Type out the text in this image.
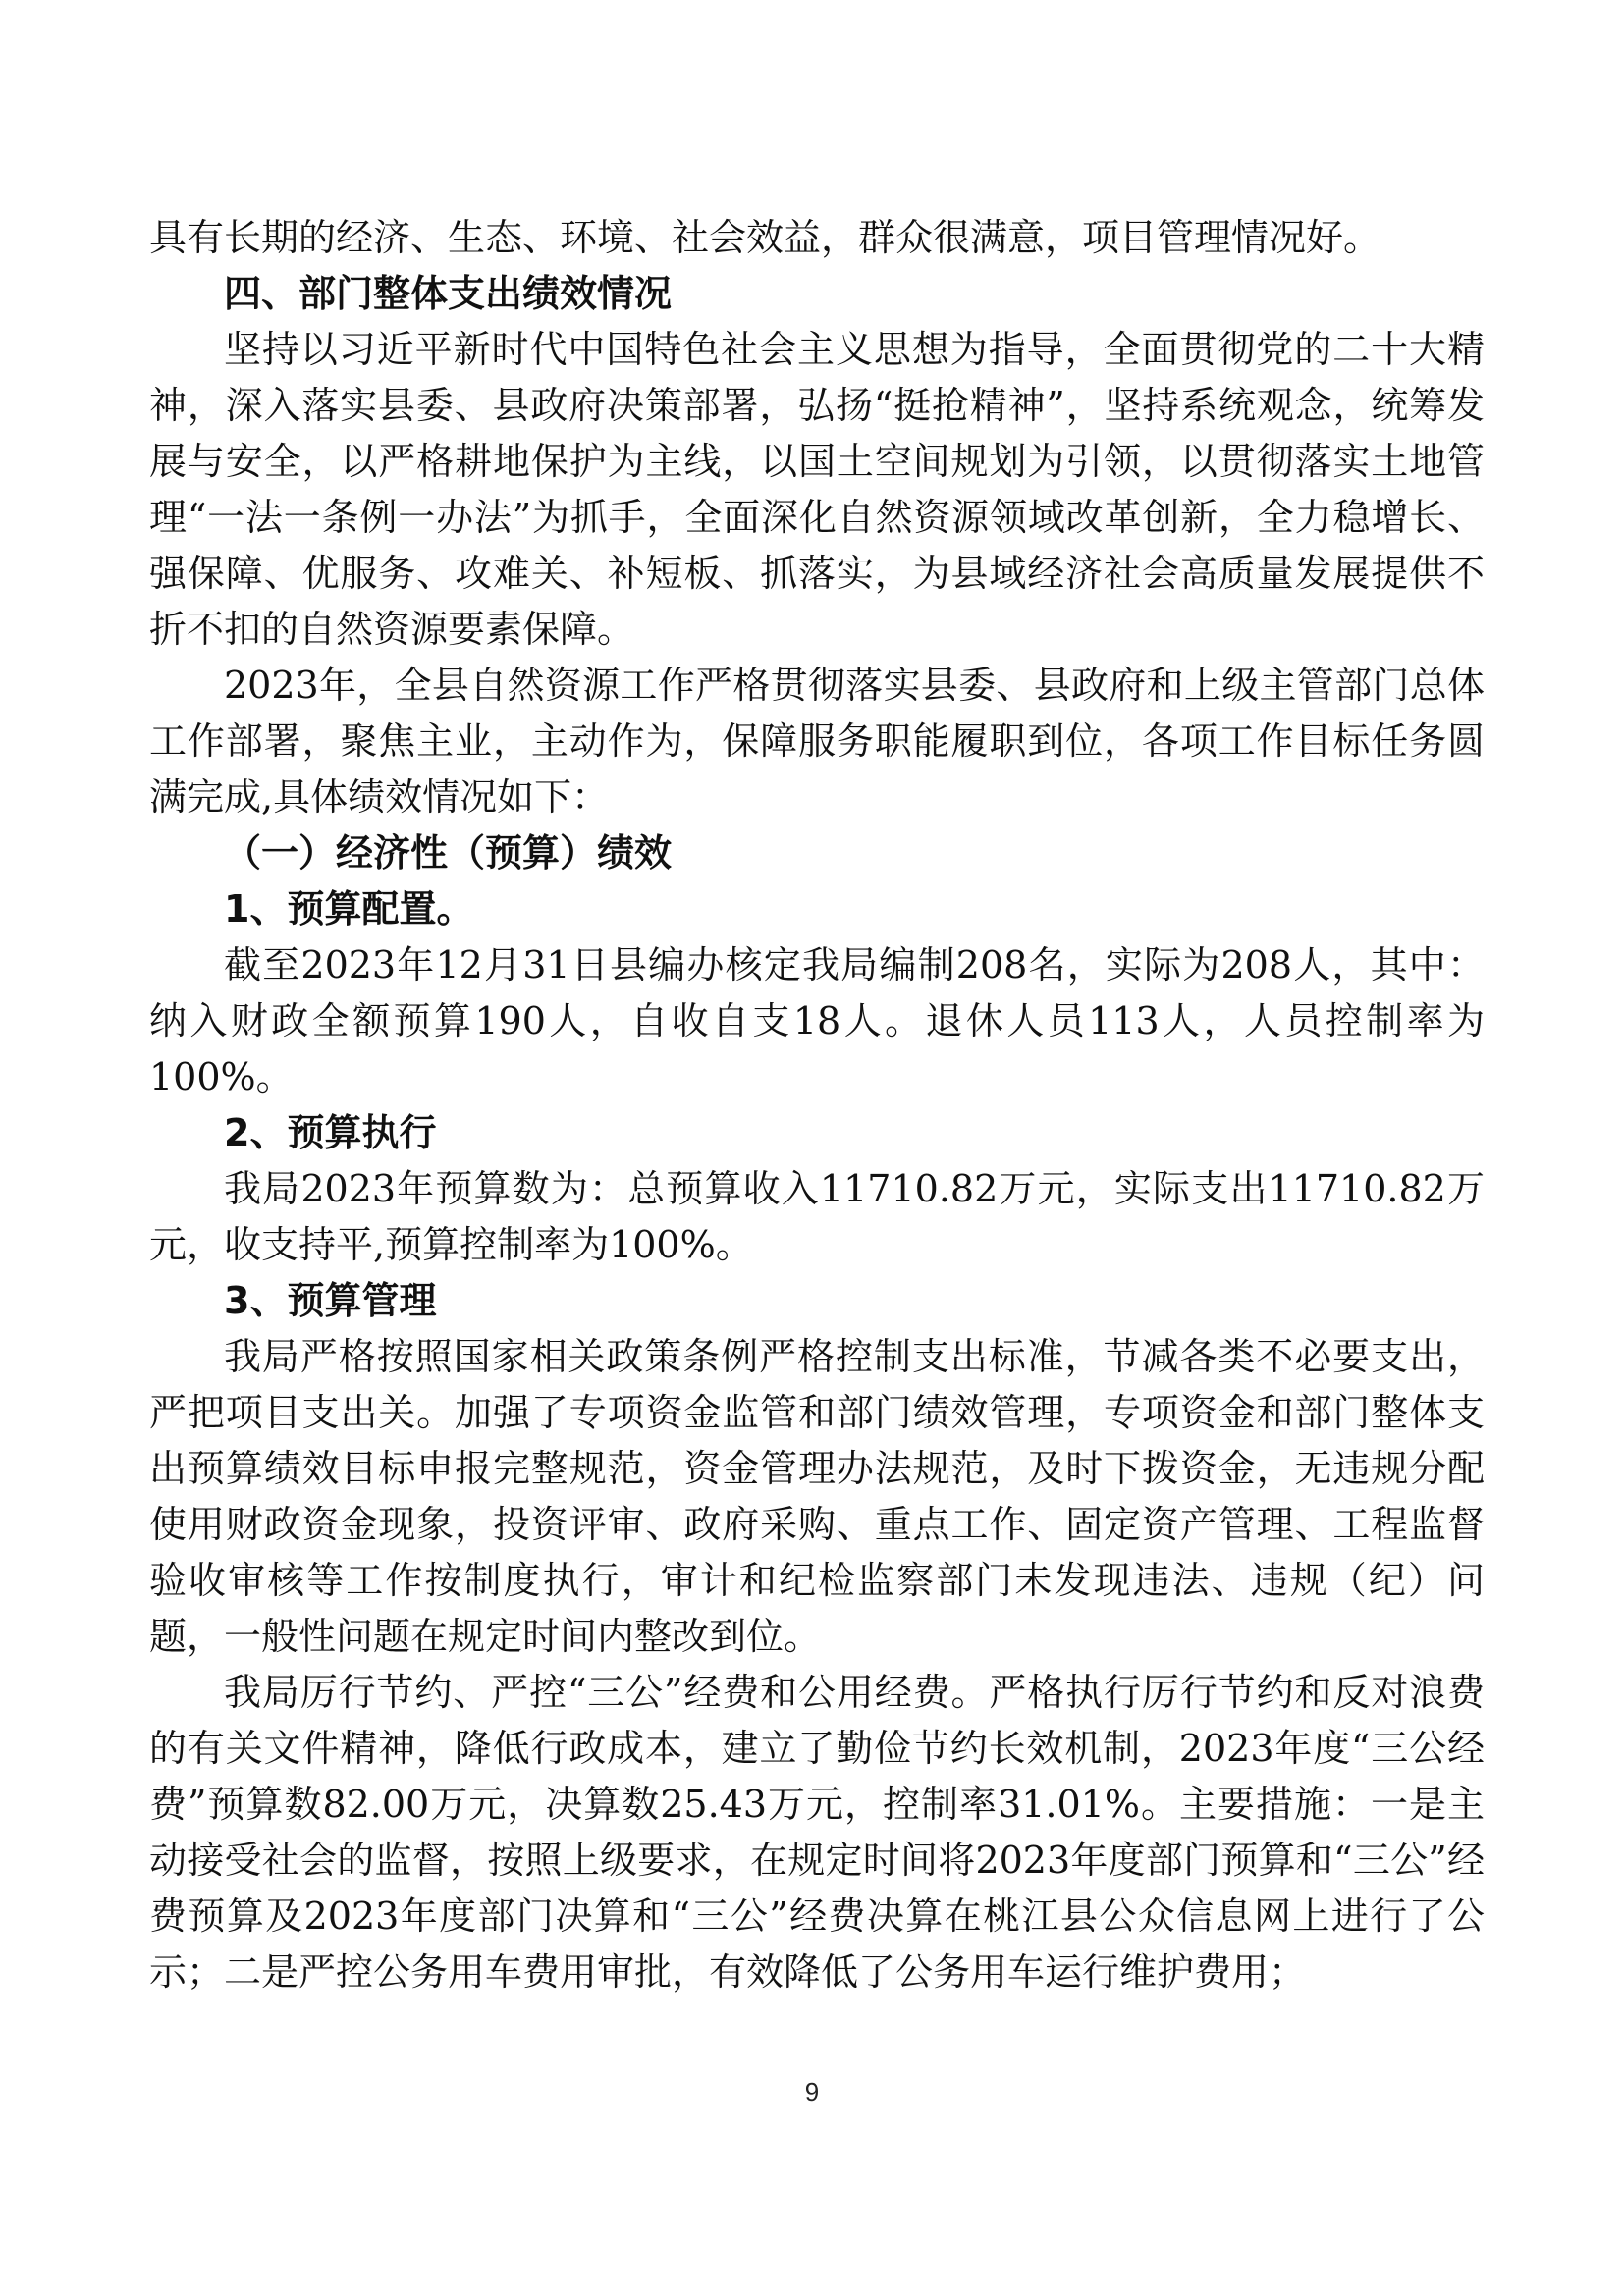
具有长期的经济、生态、环境、社会效益，群众很满意，项目管理情况好。

四、部门整体支出绩效情况

坚持以习近平新时代中国特色社会主义思想为指导，全面贯彻党的二十大精神，深入落实县委、县政府决策部署，弘扬“挺抢精神”，坚持系统观念，统筹发展与安全，以严格耕地保护为主线，以国土空间规划为引领，以贯彻落实土地管理“一法一条例一办法”为抓手，全面深化自然资源领域改革创新，全力稳增长、强保障、优服务、攻难关、补短板、抓落实，为县域经济社会高质量发展提供不折不扣的自然资源要素保障。

2023年，全县自然资源工作严格贯彻落实县委、县政府和上级主管部门总体工作部署，聚焦主业，主动作为，保障服务职能履职到位，各项工作目标任务圆满完成,具体绩效情况如下：

（一）经济性（预算）绩效

1、预算配置。

截至2023年12月31日县编办核定我局编制208名，实际为208人，其中：纳入财政全额预算190人，自收自支18人。退休人员113人，人员控制率为100%。

2、预算执行

我局2023年预算数为：总预算收入11710.82万元，实际支出11710.82万元，收支持平,预算控制率为100%。

3、预算管理

我局严格按照国家相关政策条例严格控制支出标准，节减各类不必要支出，严把项目支出关。加强了专项资金监管和部门绩效管理，专项资金和部门整体支出预算绩效目标申报完整规范，资金管理办法规范，及时下拨资金，无违规分配使用财政资金现象，投资评审、政府采购、重点工作、固定资产管理、工程监督验收审核等工作按制度执行，审计和纪检监察部门未发现违法、违规（纪）问题，一般性问题在规定时间内整改到位。

我局厉行节约、严控“三公”经费和公用经费。严格执行厉行节约和反对浪费的有关文件精神，降低行政成本，建立了勤俭节约长效机制，2023年度“三公经费”预算数82.00万元，决算数25.43万元，控制率31.01%。主要措施：一是主动接受社会的监督，按照上级要求，在规定时间将2023年度部门预算和“三公”经费预算及2023年度部门决算和“三公”经费决算在桃江县公众信息网上进行了公示；二是严控公务用车费用审批，有效降低了公务用车运行维护费用；

9
